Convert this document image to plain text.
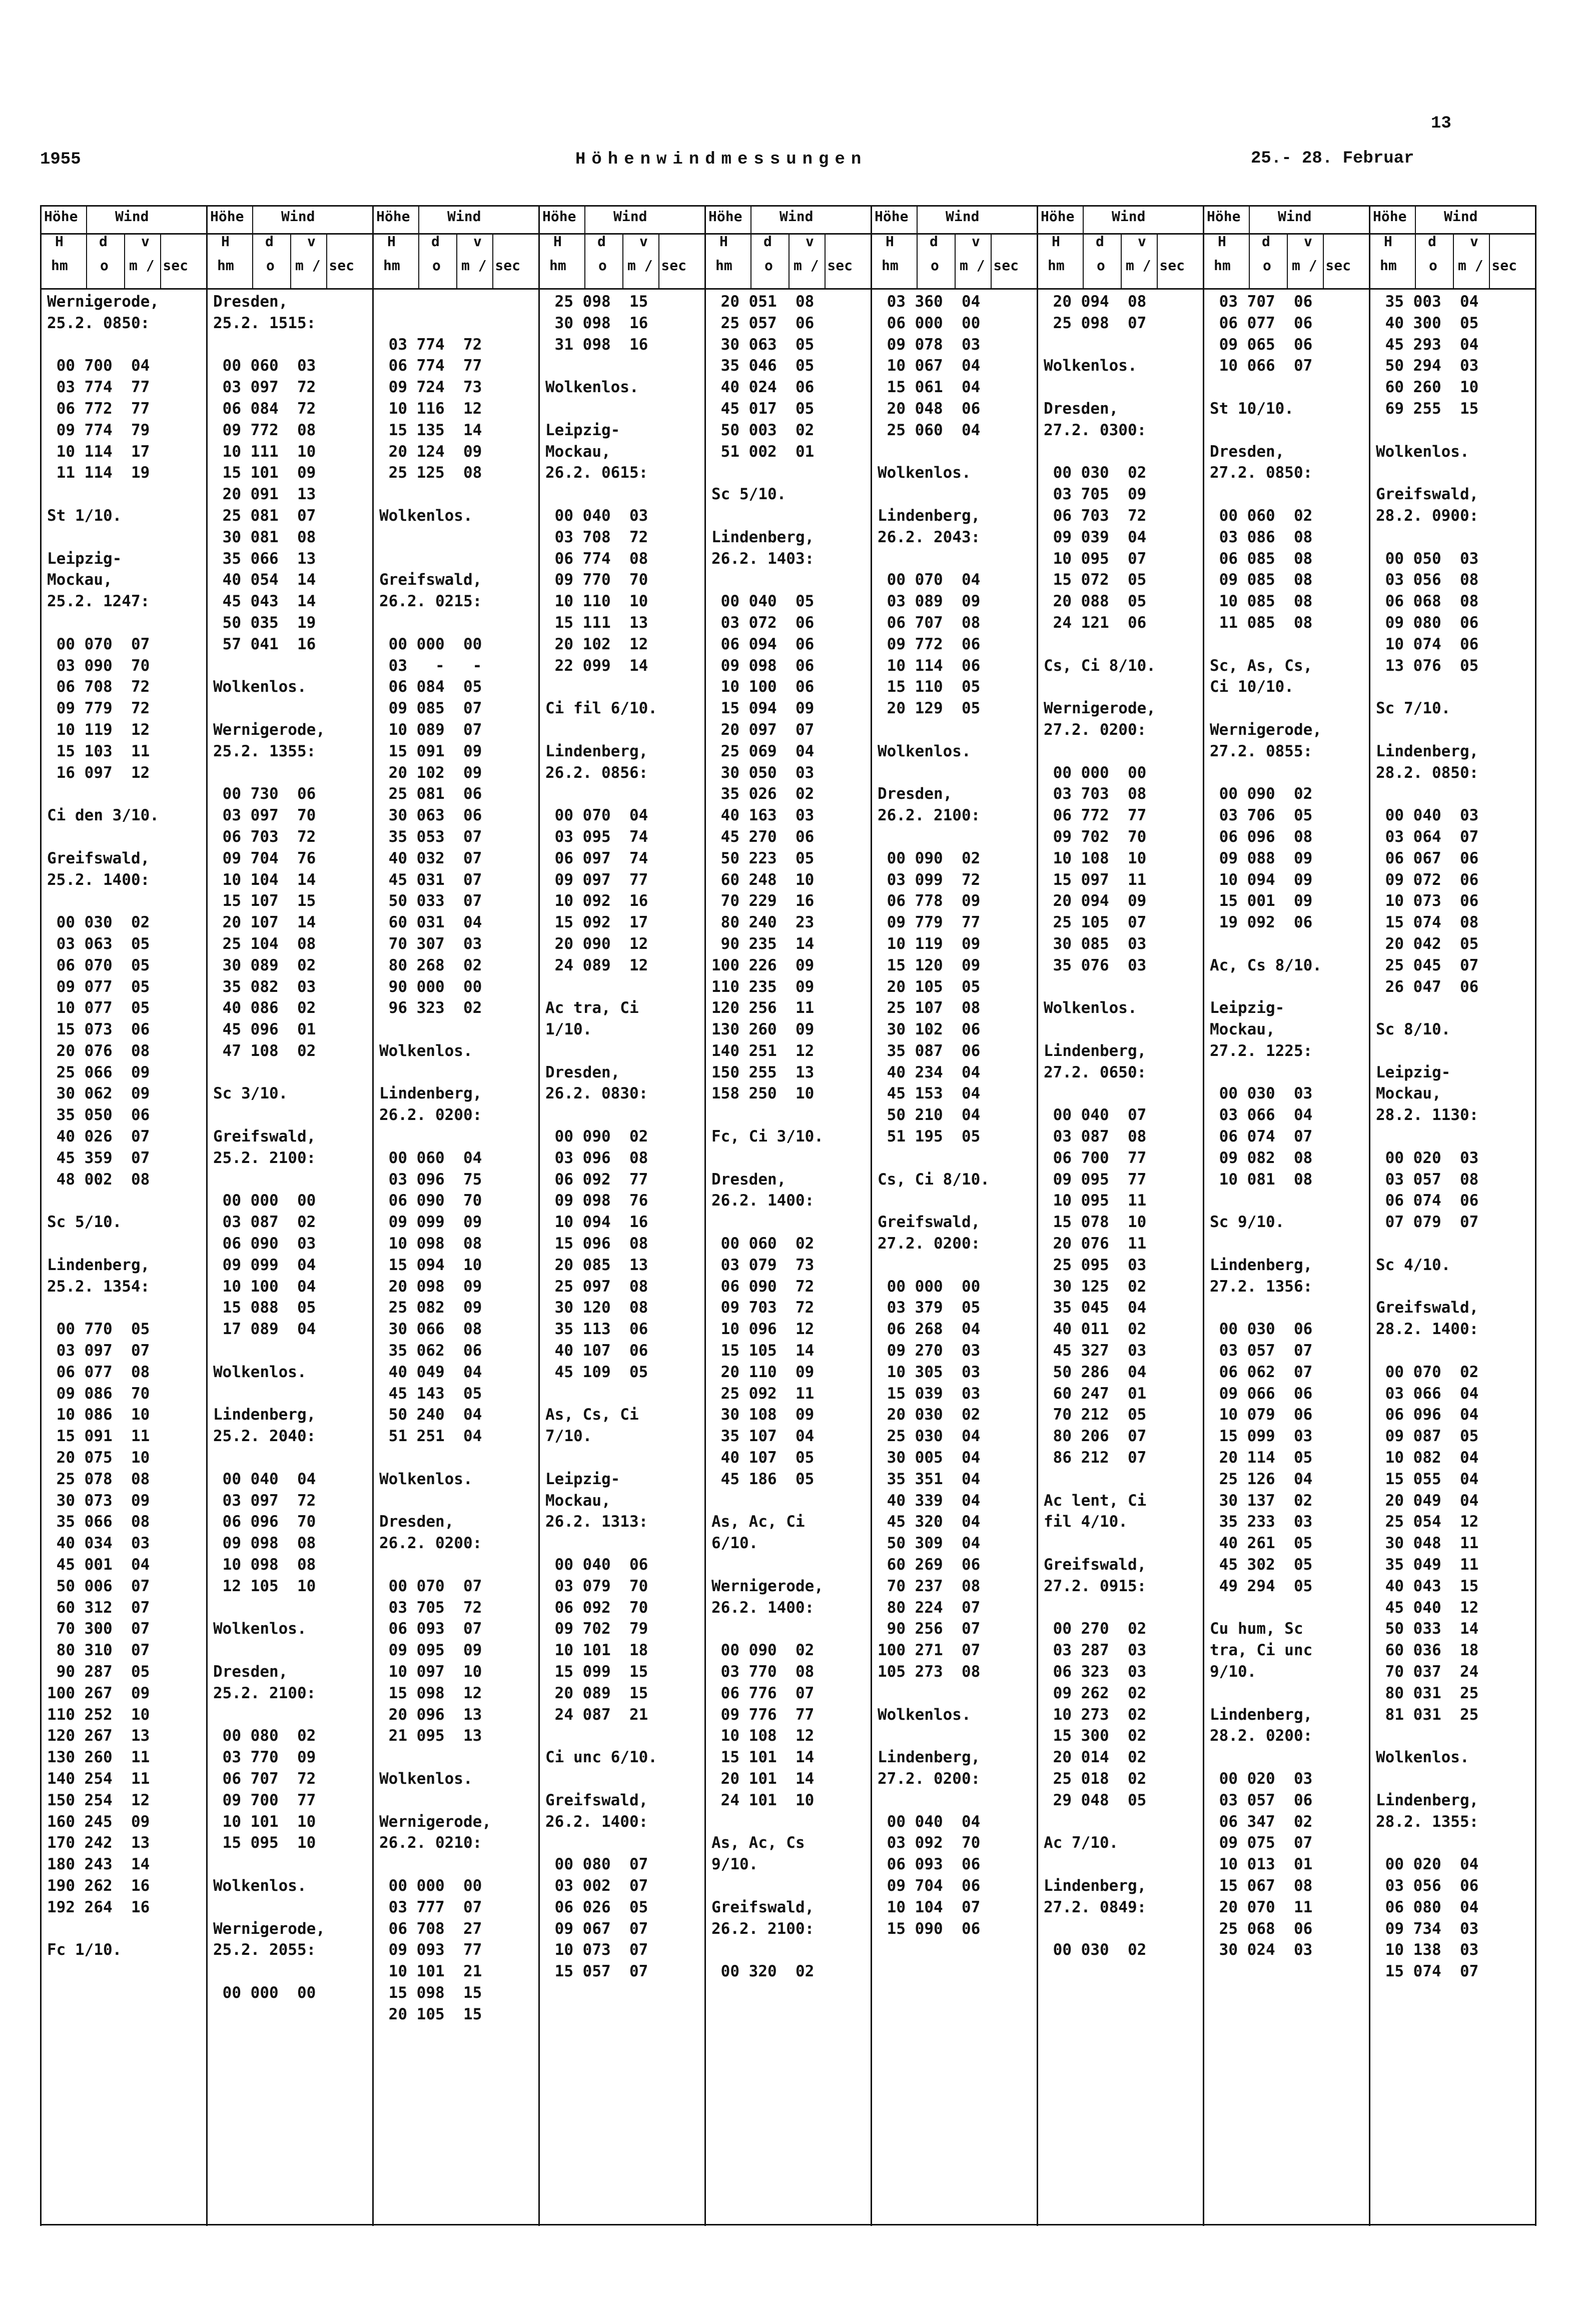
13
1955	Höhenwindmessungen	25.- 28. Februar
Höhe	Wind
H	d v
hm o m / sec
Wernigerode,
25.2. 0850:
00 700  04
03 774  77
06 772  77
09 774  79
10 114  17
11 114  19
St 1/10.
Leipzig-
Mockau,
25.2. 1247:
00 070  07
03 090  70
06 708  72
09 779  72
10 119  12
15 103  11
16 097  12
Ci den 3/10.
Greifswald,
25.2. 1400:
00 030  02
03 063  05
06 070  05
09 077  05
10 077  05
15 073  06
20 076  08
25 066  09
30 062  09
35 050  06
40 026  07
45 359  07
48 002  08
Sc 5/10.
Lindenberg,
25.2. 1354:
00 770  05
03 097  07
06 077  08
09 086  70
10 086  10
15 091  11
20 075  10
25 078  08
30 073  09
35 066  08
40 034  03
45 001  04
50 006  07
60 312  07
70 300  07
80 310  07
90 287  05
100 267  09
110 252  10
120 267  13
130 260  11
140 254  11
150 254  12
160 245  09
170 242  13
180 243  14
190 262  16
192 264  16
Fc 1/10.
Höhe	Wind
H	d v
hm o m / sec
Dresden,
25.2. 1515:
00 060  03
03 097  72
06 084  72
09 772  08
10 111  10
15 101  09
20 091  13
25 081  07
30 081  08
35 066  13
40 054  14
45 043  14
50 035  19
57 041  16
Wolkenlos.
Wernigerode,
25.2. 1355:
00 730  06
03 097  70
06 703  72
09 704  76
10 104  14
15 107  15
20 107  14
25 104  08
30 089  02
35 082  03
40 086  02
45 096  01
47 108  02
Sc 3/10.
Greifswald,
25.2. 2100:
00 000  00
03 087  02
06 090  03
09 099  04
10 100  04
15 088  05
17 089  04
Wolkenlos.
Lindenberg,
25.2. 2040:
00 040  04
03 097  72
06 096  70
09 098  08
10 098  08
12 105  10
Wolkenlos.
Dresden,
25.2. 2100:
00 080  02
03 770  09
06 707  72
09 700  77
10 101  10
15 095  10
Wolkenlos.
Wernigerode,
25.2. 2055:
00 000  00
Höhe	Wind
H	d v
hm o m / sec
03 774  72
06 774  77
09 724  73
10 116  12
15 135  14
20 124  09
25 125  08
Wolkenlos.
Greifswald,
26.2. 0215:
00 000  00
03   -   -
06 084  05
09 085  07
10 089  07
15 091  09
20 102  09
25 081  06
30 063  06
35 053  07
40 032  07
45 031  07
50 033  07
60 031  04
70 307  03
80 268  02
90 000  00
96 323  02
Wolkenlos.
Lindenberg,
26.2. 0200:
00 060  04
03 096  75
06 090  70
09 099  09
10 098  08
15 094  10
20 098  09
25 082  09
30 066  08
35 062  06
40 049  04
45 143  05
50 240  04
51 251  04
Wolkenlos.
Dresden,
26.2. 0200:
00 070  07
03 705  72
06 093  07
09 095  09
10 097  10
15 098  12
20 096  13
21 095  13
Wolkenlos.
Wernigerode,
26.2. 0210:
00 000  00
03 777  07
06 708  27
09 093  77
10 101  21
15 098  15
20 105  15
Höhe	Wind
H	d v
hm o m / sec
25 098  15
30 098  16
31 098  16
Wolkenlos.
Leipzig-
Mockau,
26.2. 0615:
00 040  03
03 708  72
06 774  08
09 770  70
10 110  10
15 111  13
20 102  12
22 099  14
Ci fil 6/10.
Lindenberg,
26.2. 0856:
00 070  04
03 095  74
06 097  74
09 097  77
10 092  16
15 092  17
20 090  12
24 089  12
Ac tra, Ci
1/10.
Dresden,
26.2. 0830:
00 090  02
03 096  08
06 092  77
09 098  76
10 094  16
15 096  08
20 085  13
25 097  08
30 120  08
35 113  06
40 107  06
45 109  05
As, Cs, Ci
7/10.
Leipzig-
Mockau,
26.2. 1313:
00 040  06
03 079  70
06 092  70
09 702  79
10 101  18
15 099  15
20 089  15
24 087  21
Ci unc 6/10.
Greifswald,
26.2. 1400:
00 080  07
03 002  07
06 026  05
09 067  07
10 073  07
15 057  07
Höhe	Wind
H	d v
hm o m / sec
20 051  08
25 057  06
30 063  05
35 046  05
40 024  06
45 017  05
50 003  02
51 002  01
Sc 5/10.
Lindenberg,
26.2. 1403:
00 040  05
03 072  06
06 094  06
09 098  06
10 100  06
15 094  09
20 097  07
25 069  04
30 050  03
35 026  02
40 163  03
45 270  06
50 223  05
60 248  10
70 229  16
80 240  23
90 235  14
100 226  09
110 235  09
120 256  11
130 260  09
140 251  12
150 255  13
158 250  10
Fc, Ci 3/10.
Dresden,
26.2. 1400:
00 060  02
03 079  73
06 090  72
09 703  72
10 096  12
15 105  14
20 110  09
25 092  11
30 108  09
35 107  04
40 107  05
45 186  05
As, Ac, Ci
6/10.
Wernigerode,
26.2. 1400:
00 090  02
03 770  08
06 776  07
09 776  77
10 108  12
15 101  14
20 101  14
24 101  10
As, Ac, Cs
9/10.
Greifswald,
26.2. 2100:
00 320  02
Höhe	Wind
H	d v
hm o m / sec
03 360  04
06 000  00
09 078  03
10 067  04
15 061  04
20 048  06
25 060  04
Wolkenlos.
Lindenberg,
26.2. 2043:
00 070  04
03 089  09
06 707  08
09 772  06
10 114  06
15 110  05
20 129  05
Wolkenlos.
Dresden,
26.2. 2100:
00 090  02
03 099  72
06 778  09
09 779  77
10 119  09
15 120  09
20 105  05
25 107  08
30 102  06
35 087  06
40 234  04
45 153  04
50 210  04
51 195  05
Cs, Ci 8/10.
Greifswald,
27.2. 0200:
00 000  00
03 379  05
06 268  04
09 270  03
10 305  03
15 039  03
20 030  02
25 030  04
30 005  04
35 351  04
40 339  04
45 320  04
50 309  04
60 269  06
70 237  08
80 224  07
90 256  07
100 271  07
105 273  08
Wolkenlos.
Lindenberg,
27.2. 0200:
00 040  04
03 092  70
06 093  06
09 704  06
10 104  07
15 090  06
Höhe	Wind
H	d v
hm o m / sec
20 094  08
25 098  07
Wolkenlos.
Dresden,
27.2. 0300:
00 030  02
03 705  09
06 703  72
09 039  04
10 095  07
15 072  05
20 088  05
24 121  06
Cs, Ci 8/10.
Wernigerode,
27.2. 0200:
00 000  00
03 703  08
06 772  77
09 702  70
10 108  10
15 097  11
20 094  09
25 105  07
30 085  03
35 076  03
Wolkenlos.
Lindenberg,
27.2. 0650:
00 040  07
03 087  08
06 700  77
09 095  77
10 095  11
15 078  10
20 076  11
25 095  03
30 125  02
35 045  04
40 011  02
45 327  03
50 286  04
60 247  01
70 212  05
80 206  07
86 212  07
Ac lent, Ci
fil 4/10.
Greifswald,
27.2. 0915:
00 270  02
03 287  03
06 323  03
09 262  02
10 273  02
15 300  02
20 014  02
25 018  02
29 048  05
Ac 7/10.
Lindenberg,
27.2. 0849:
00 030  02
Höhe	Wind
H	d v
hm o m / sec
03 707  06
06 077  06
09 065  06
10 066  07
St 10/10.
Dresden,
27.2. 0850:
00 060  02
03 086  08
06 085  08
09 085  08
10 085  08
11 085  08
Sc, As, Cs,
Ci 10/10.
Wernigerode,
27.2. 0855:
00 090  02
03 706  05
06 096  08
09 088  09
10 094  09
15 001  09
19 092  06
Ac, Cs 8/10.
Leipzig-
Mockau,
27.2. 1225:
00 030  03
03 066  04
06 074  07
09 082  08
10 081  08
Sc 9/10.
Lindenberg,
27.2. 1356:
00 030  06
03 057  07
06 062  07
09 066  06
10 079  06
15 099  03
20 114  05
25 126  04
30 137  02
35 233  03
40 261  05
45 302  05
49 294  05
Cu hum, Sc
tra, Ci unc
9/10.
Lindenberg,
28.2. 0200:
00 020  03
03 057  06
06 347  02
09 075  07
10 013  01
15 067  08
20 070  11
25 068  06
30 024  03
Höhe	Wind
H	d v
hm o m / sec
35 003  04
40 300  05
45 293  04
50 294  03
60 260  10
69 255  15
Wolkenlos.
Greifswald,
28.2. 0900:
00 050  03
03 056  08
06 068  08
09 080  06
10 074  06
13 076  05
Sc 7/10.
Lindenberg,
28.2. 0850:
00 040  03
03 064  07
06 067  06
09 072  06
10 073  06
15 074  08
20 042  05
25 045  07
26 047  06
Sc 8/10.
Leipzig-
Mockau,
28.2. 1130:
00 020  03
03 057  08
06 074  06
07 079  07
Sc 4/10.
Greifswald,
28.2. 1400:
00 070  02
03 066  04
06 096  04
09 087  05
10 082  04
15 055  04
20 049  04
25 054  12
30 048  11
35 049  11
40 043  15
45 040  12
50 033  14
60 036  18
70 037  24
80 031  25
81 031  25
Wolkenlos.
Lindenberg,
28.2. 1355:
00 020  04
03 056  06
06 080  04
09 734  03
10 138  03
15 074  07
